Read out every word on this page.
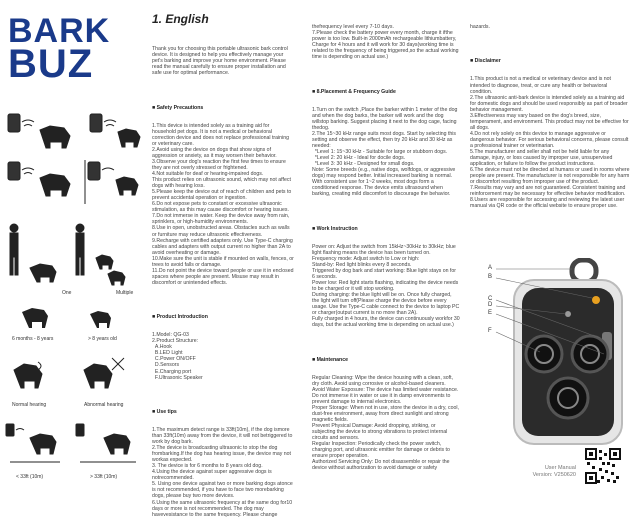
BARK
BUZ
One	Multiple
6 months - 8 years	> 8 years old
Normal hearing	Abnormal hearing
< 33ft (10m)	> 33ft (10m)
1. English

Thank you for choosing this portable ultrasonic bark control device. It is designed to help you effectively manage your pet's barking and improve your home environment. Please read the manual carefully to ensure proper installation and safe use for optimal performance.

■ Safety Precautions

1.This device is intended solely as a training aid for household pet dogs. It is not a medical or behavioral correction device and does not replace professional training or veterinary care.
2.Avoid using the device on dogs that show signs of aggression or anxiety, as it may worsen their behavior.
3.Observe your dog's reaction the first few times to ensure they are not overly stressed or frightened.
4.Not suitable for deaf or hearing-impaired dogs.
This product relies on ultrasonic sound, which may not affect dogs with hearing loss.
5.Please keep the device out of reach of children and pets to prevent accidental operation or ingestion.
6.Do not expose pets to constant or excessive ultrasonic stimulation, as this may cause discomfort or hearing issues.
7.Do not immerse in water. Keep the device away from rain, sprinklers, or high-humidity environments.
8.Use in open, unobstructed areas. Obstacles such as walls or furniture may reduce ultrasonic effectiveness.
9.Recharge with certified adapters only. Use Type-C charging cables and adapters with output current no higher than 2A to avoid overheating or damage.
10.Make sure the unit is stable if mounted on walls, fences, or trees to avoid falls or damage.
11.Do not point the device toward people or use it in enclosed spaces where people are present. Misuse may result in discomfort or unintended effects.

■ Product Introduction

1.Model: QG-03
2.Product Structure:
A.Hook
B.LED Light
C.Power ON/OFF
D.Sensors
E.Charging port
F.Ultrasonic Speaker

■ Use tips

1.The maximum detect range is 33ft(10m), if the dog ismore than 33ft(10m) away from the device, it will not betriggered to work by dog bark.
2.The device is broadcasting ultrasonic to stop the dog frombarking.If the dog has hearing issue, the device may not workas expected.
3. The device is for 6 months to 8 years old dog.
4.Using the device against super aggressive dogs is notrecommended.
5. Using one device against two or more barking dogs atonce is not recommended, if you have to face two morebarking dogs, please buy two more devices.
6.Using the same ultrasonic frequency at the same dog for10 days or more is not recommended. The dog may havevesistance to the same frequency. Please change

thefrequency level every 7-10 days.
7.Please check the battery power every month, charge it ifthe power is too low. Built-in 2000mAh rechargeable lithiumbattery, Charge for 4 hours and it will work for 30 days(working time is related to the frequency of being triggered,so the actual working time is depending on actual use.)

■ 8.Placement & Frequency Guide

1.Turn on the switch ,Place the barker within 1 meter of the dog and when the dog barks, the barker will work and the dog willstop barking. Suggest placing it next to the dog cage, facing thedog.
2.The 15~30 kHz range suits most dogs. Start by selecting this setting and observe the effect, then try 20 kHz and 30 kHz as needed:
*Level 1: 15~30 kHz - Suitable for large or stubborn dogs.
*Level 2: 20 kHz - Ideal for docile dogs.
*Level 3: 30 kHz - Designed for small dogs.
Note: Some breeds (e.g., native dogs, wolfdogs, or aggressive dogs) may respond better. Initial increased barking is normal. With consistent use for 1~2 weeks, most dogs form a conditioned response. The device emits ultrasound when barking, creating mild discomfort to discourage the behavior.

■ Work Instruction

Power on: Adjust the switch from 15kHz~30kHz to 30kHz; blue light flashing means the device has been turned on.
Frequency mode: Adjust switch to Low or high:
Stand-by: Red light blinks every 8 seconds.
Triggered by dog bark and start working: Blue light stays on for 6 seconds.
Power low: Red light starts flashing, indicating the device needs to be charged or it will stop working.
During charging: the blue light will be on. Once fully charged, the light will turn off(Please charge the device before every usage. Use the Type-C cable connect to the device to laptop PC or charger(output current is no more than 2A).
Fully charged in 4 hours, the device can continuously workfor 30 days, but the actual working time is depending on actual use.)

■ Maintenance

Regular Cleaning: Wipe the device housing with a clean, soft, dry cloth. Avoid using corrosive or alcohol-based cleaners.
Avoid Water Exposure: The device has limited water resistance. Do not immerse it in water or use it in damp environments to prevent damage to internal electronics.
Proper Storage: When not in use, store the device in a dry, cool, dust-free environment, away from direct sunlight and strong magnetic fields.
Prevent Physical Damage: Avoid dropping, striking, or subjecting the device to strong vibrations to protect internal circuits and sensors.
Regular Inspection: Periodically check the power switch, charging port, and ultrasonic emitter for damage or debris to ensure proper operation.
Authorized Servicing Only: Do not disassemble or repair the device without authorization to avoid damage or safety

hazards.

■ Disclaimer

1.This product is not a medical or veterinary device and is not intended to diagnose, treat, or cure any health or behavioral condition.
2.The ultrasonic anti-bark device is intended solely as a training aid for domestic dogs and should be used responsibly as part of broader behavior management.
3.Effectiveness may vary based on the dog's breed, size, temperament, and environment. This product may not be effective for all dogs.
4.Do not rely solely on this device to manage aggressive or dangerous behavior. For serious behavioral concerns, please consult a professional trainer or veterinarian.
5.The manufacturer and seller shall not be held liable for any damage, injury, or loss caused by improper use, unsupervised application, or failure to follow the product instructions.
6.The device must not be directed at humans or used in rooms where people are present. The manufacturer is not responsible for any harm or discomfort resulting from improper use of the product.
7.Results may vary and are not guaranteed. Consistent training and reinforcement may be necessary for effective behavior modification.
8.Users are responsible for accessing and reviewing the latest user manual via QR code or the official website to ensure proper use.

A
B
C
D
E
F
User Manual
Version: V250620
